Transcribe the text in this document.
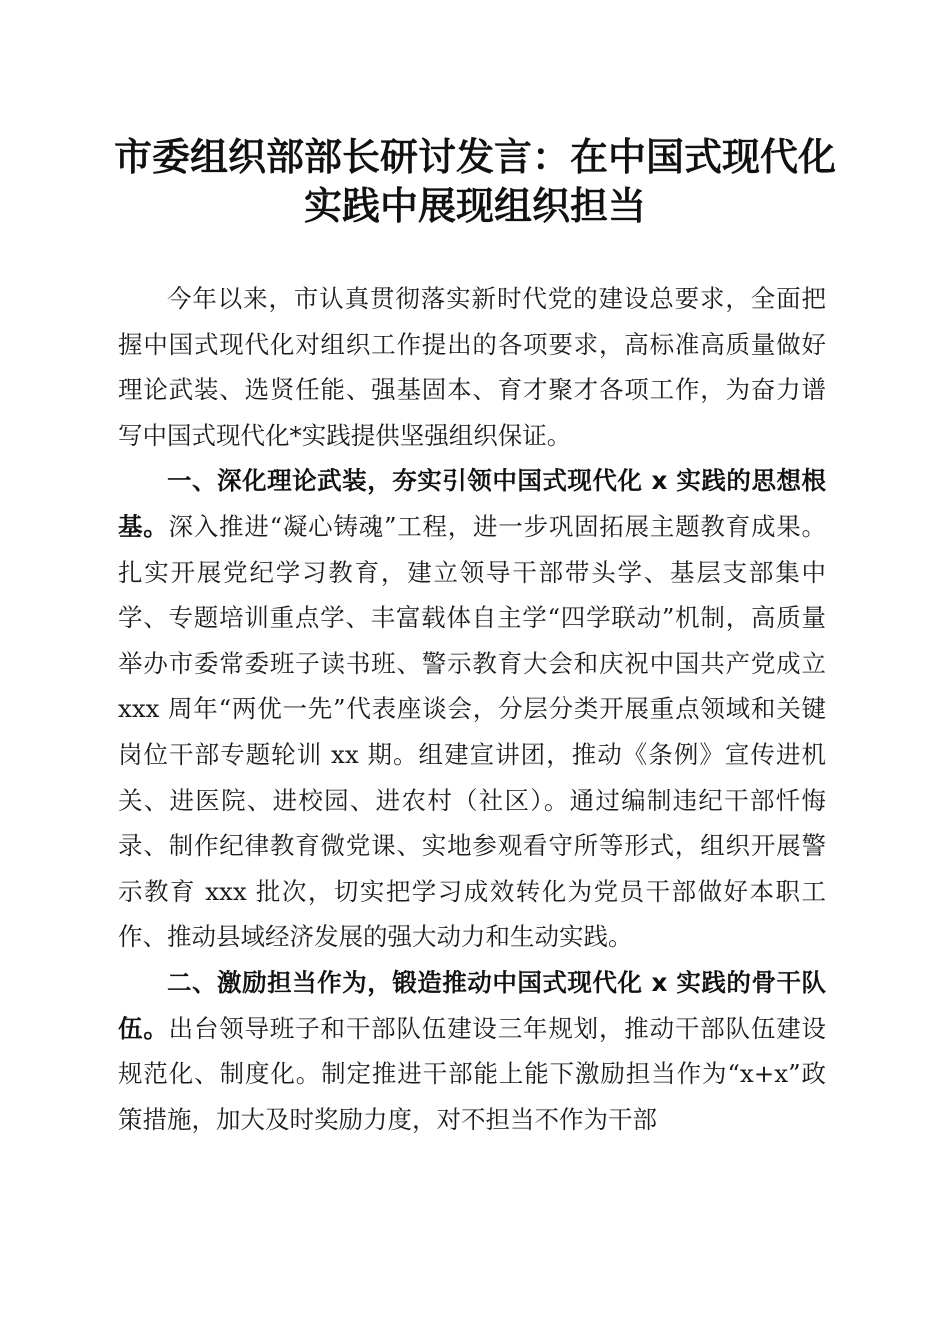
市委组织部部长研讨发言：在中国式现代化实践中展现组织担当

今年以来，市认真贯彻落实新时代党的建设总要求，全面把握中国式现代化对组织工作提出的各项要求，高标准高质量做好理论武装、选贤任能、强基固本、育才聚才各项工作，为奋力谱写中国式现代化*实践提供坚强组织保证。

一、深化理论武装，夯实引领中国式现代化 x 实践的思想根基。深入推进“凝心铸魂”工程，进一步巩固拓展主题教育成果。扎实开展党纪学习教育，建立领导干部带头学、基层支部集中学、专题培训重点学、丰富载体自主学“四学联动”机制，高质量举办市委常委班子读书班、警示教育大会和庆祝中国共产党成立 xxx 周年“两优一先”代表座谈会，分层分类开展重点领域和关键岗位干部专题轮训 xx 期。组建宣讲团，推动《条例》宣传进机关、进医院、进校园、进农村（社区）。通过编制违纪干部忏悔录、制作纪律教育微党课、实地参观看守所等形式，组织开展警示教育 xxx 批次，切实把学习成效转化为党员干部做好本职工作、推动县域经济发展的强大动力和生动实践。

二、激励担当作为，锻造推动中国式现代化 x 实践的骨干队伍。出台领导班子和干部队伍建设三年规划，推动干部队伍建设规范化、制度化。制定推进干部能上能下激励担当作为“x+x”政策措施，加大及时奖励力度，对不担当不作为干部
